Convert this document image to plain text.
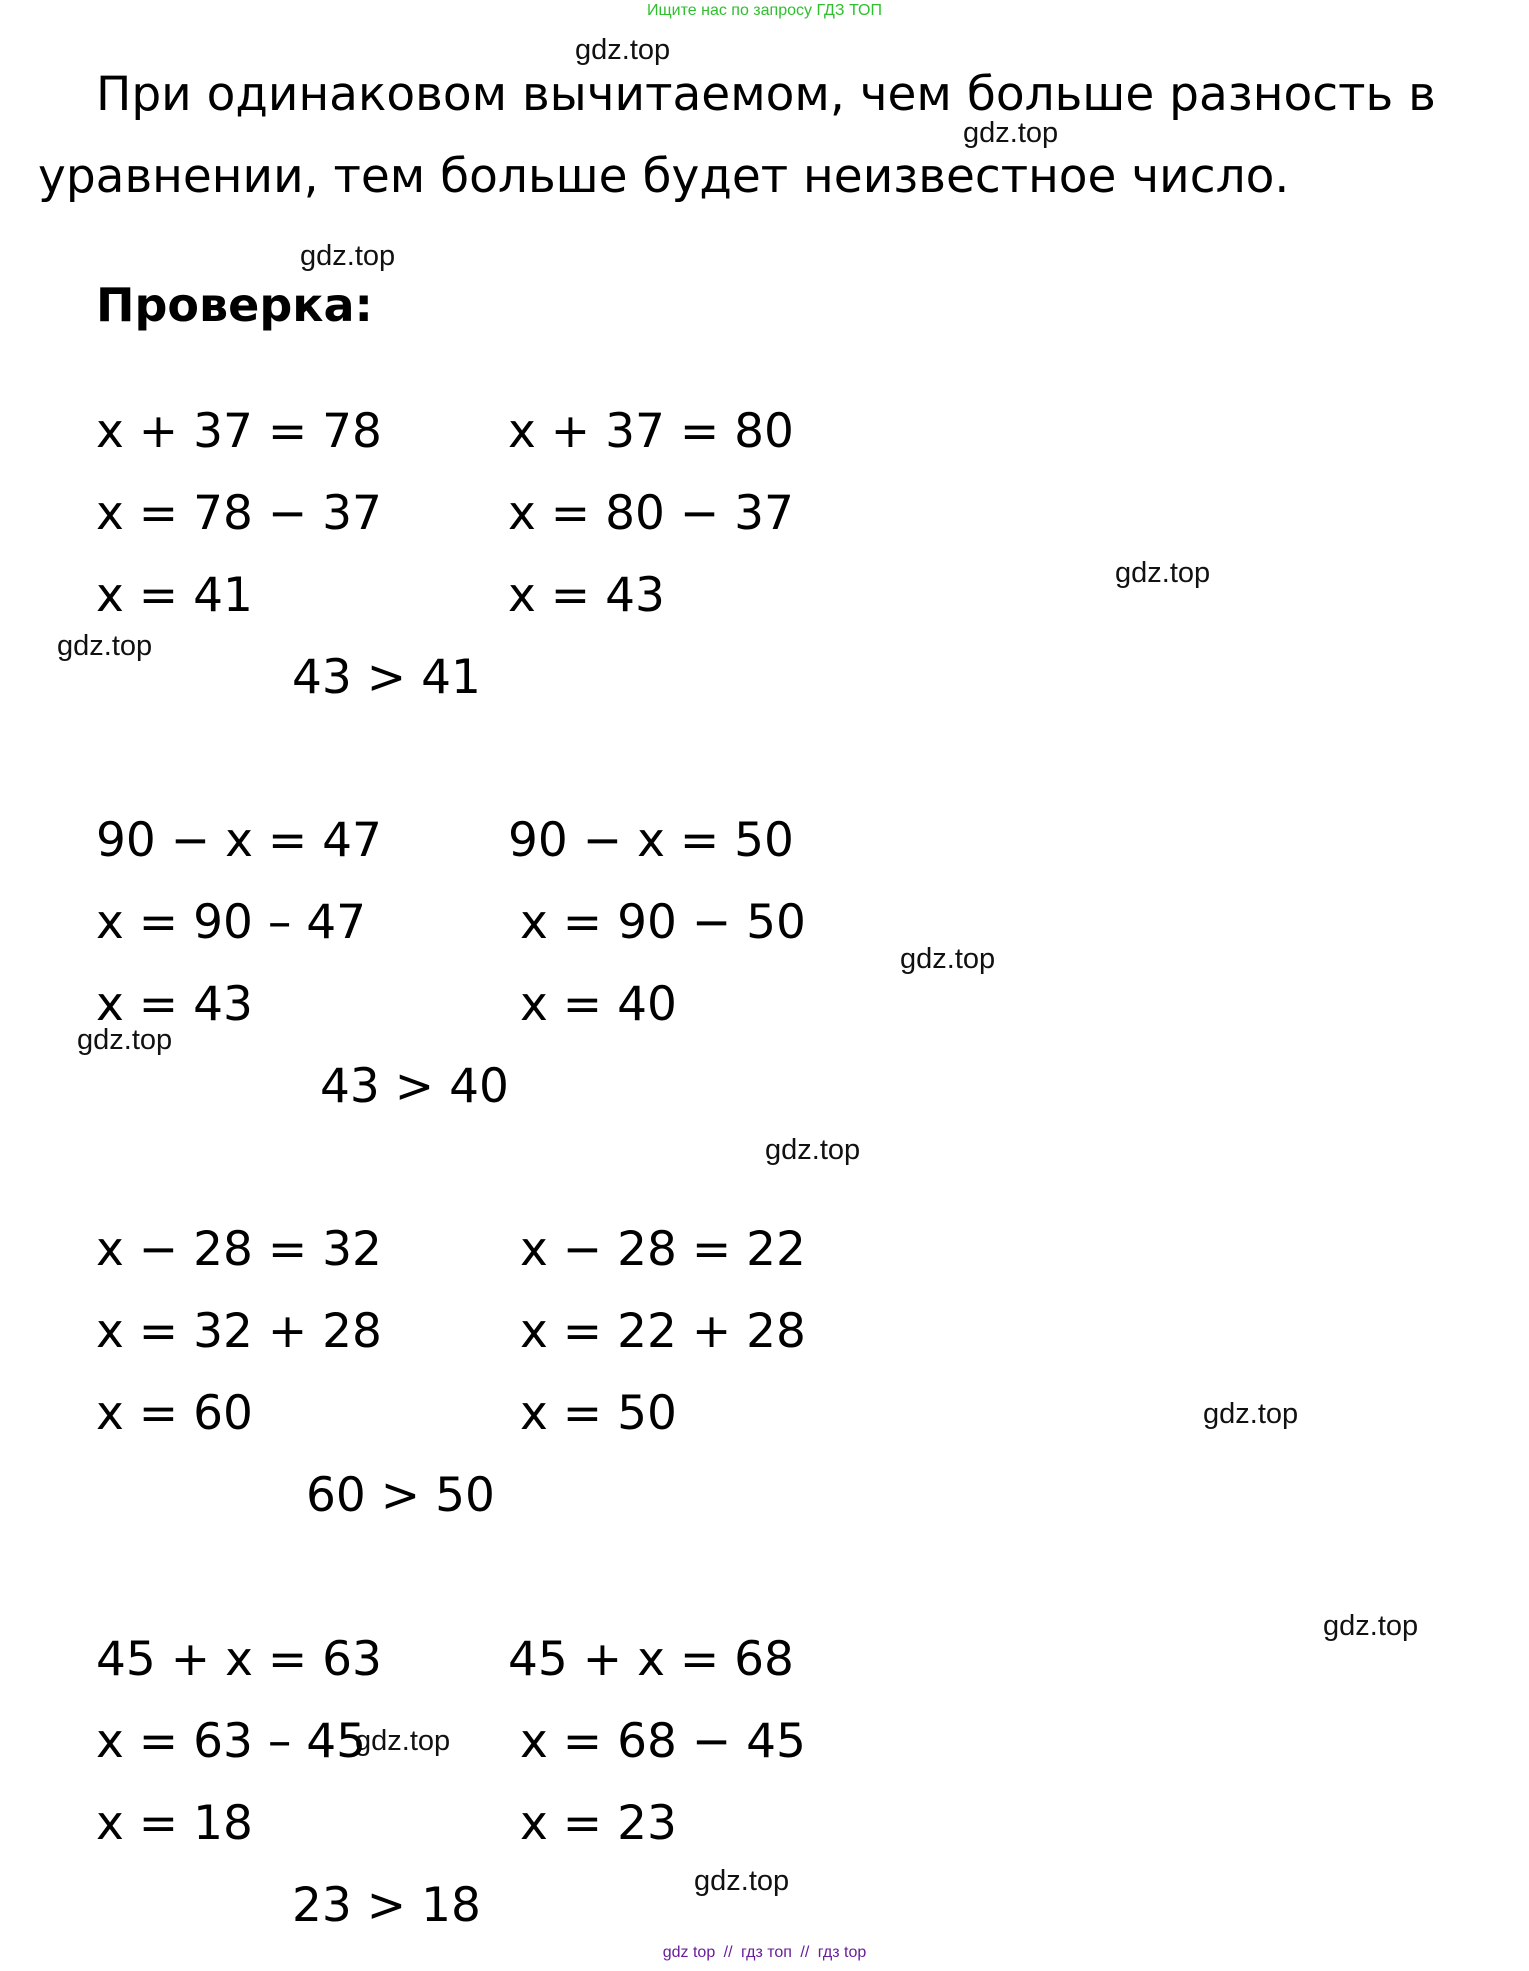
Ищите нас по запросу ГДЗ ТОП
gdz.top
gdz.top
gdz.top
gdz.top
gdz.top
gdz.top
gdz.top
gdz.top
gdz.top
gdz.top
gdz.top
gdz.top
При одинаковом вычитаемом, чем больше разность в
уравнении, тем больше будет неизвестное число.
Проверка:
x + 37 = 78
x = 78 − 37
x = 41
x + 37 = 80
x = 80 − 37
x = 43
43 > 41
90 − x = 47
x = 90 – 47
x = 43
90 − x = 50
x = 90 − 50
x = 40
43 > 40
x − 28 = 32
x = 32 + 28
x = 60
x − 28 = 22
x = 22 + 28
x = 50
60 > 50
45 + x = 63
x = 63 – 45
x = 18
45 + x = 68
x = 68 − 45
x = 23
23 > 18
gdz top // гдз топ // гдз top
